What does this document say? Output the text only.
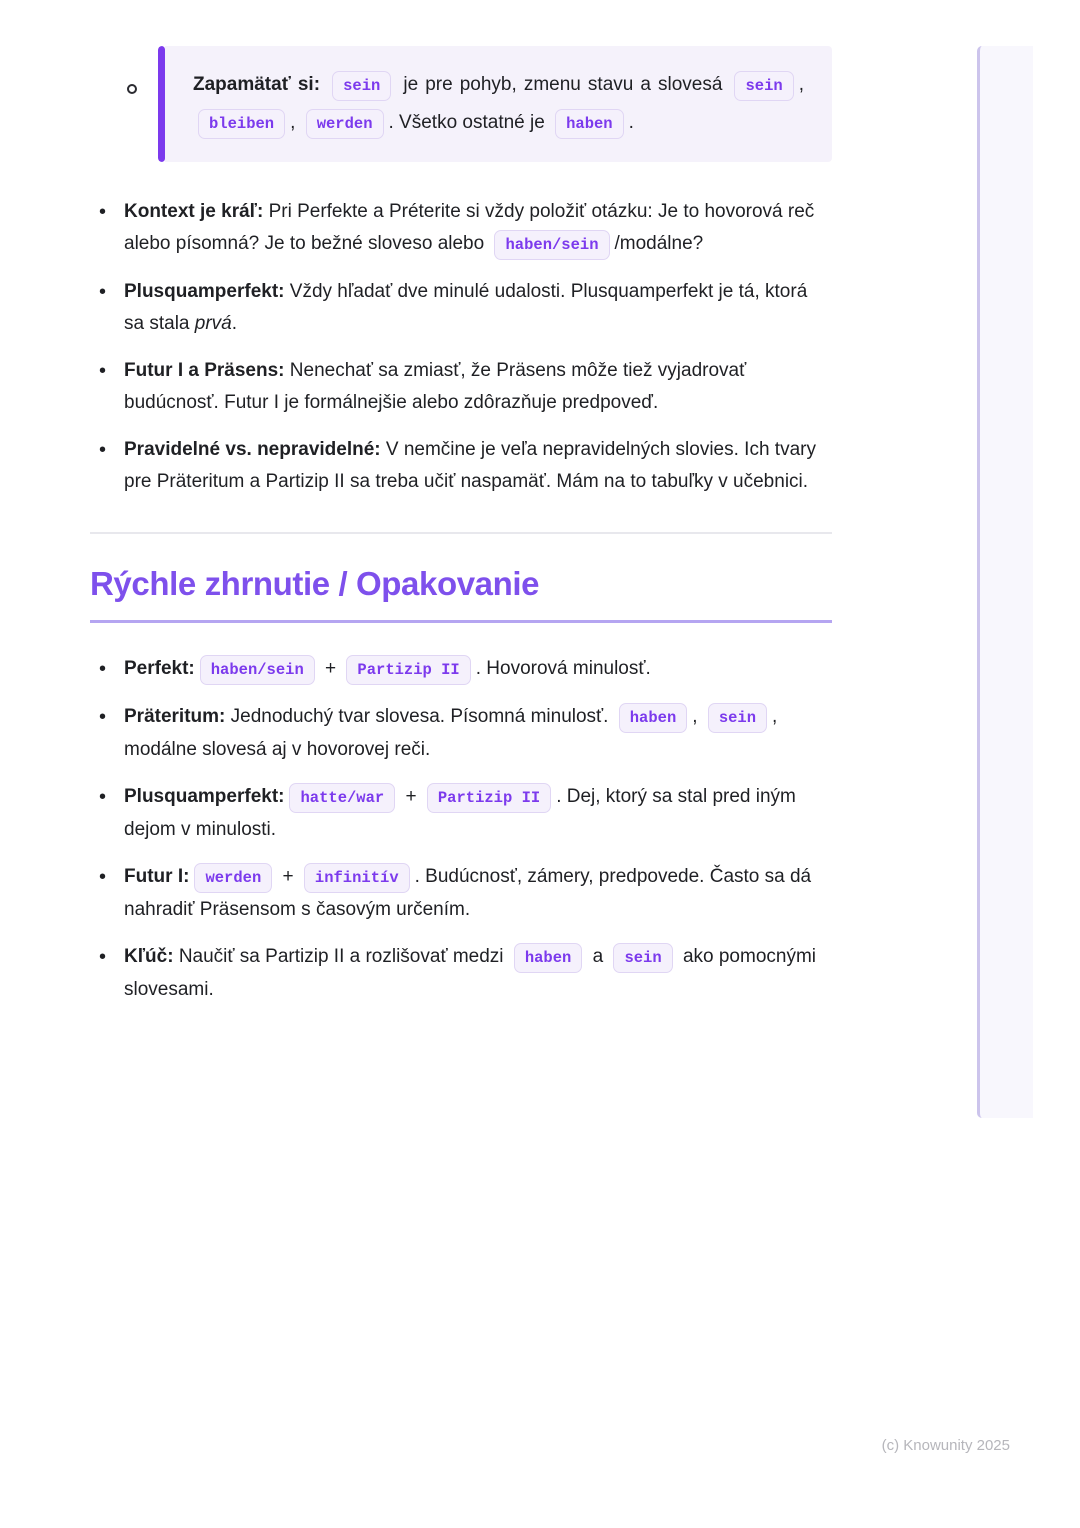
Zapamätať si: sein je pre pohyb, zmenu stavu a slovesá sein , bleiben , werden . Všetko ostatné je haben .
• Kontext je kráľ: Pri Perfekte a Préterite si vždy položiť otázku: Je to hovorová reč alebo písomná? Je to bežné sloveso alebo haben/sein /modálne?
• Plusquamperfekt: Vždy hľadať dve minulé udalosti. Plusquamperfekt je tá, ktorá sa stala prvá.
• Futur I a Präsens: Nenechať sa zmiasť, že Präsens môže tiež vyjadrovať budúcnosť. Futur I je formálnejšie alebo zdôrazňuje predpoveď.
• Pravidelné vs. nepravidelné: V nemčine je veľa nepravidelných slovies. Ich tvary pre Präteritum a Partizip II sa treba učiť naspamäť. Mám na to tabuľky v učebnici.
Rýchle zhrnutie / Opakovanie
• Perfekt: haben/sein + Partizip II . Hovorová minulosť.
• Präteritum: Jednoduchý tvar slovesa. Písomná minulosť. haben , sein , modálne slovesá aj v hovorovej reči.
• Plusquamperfekt: hatte/war + Partizip II . Dej, ktorý sa stal pred iným dejom v minulosti.
• Futur I: werden + infinitív . Budúcnosť, zámery, predpovede. Často sa dá nahradiť Präsensom s časovým určením.
• Kľúč: Naučiť sa Partizip II a rozlišovať medzi haben a sein ako pomocnými slovesami.
(c) Knowunity 2025
